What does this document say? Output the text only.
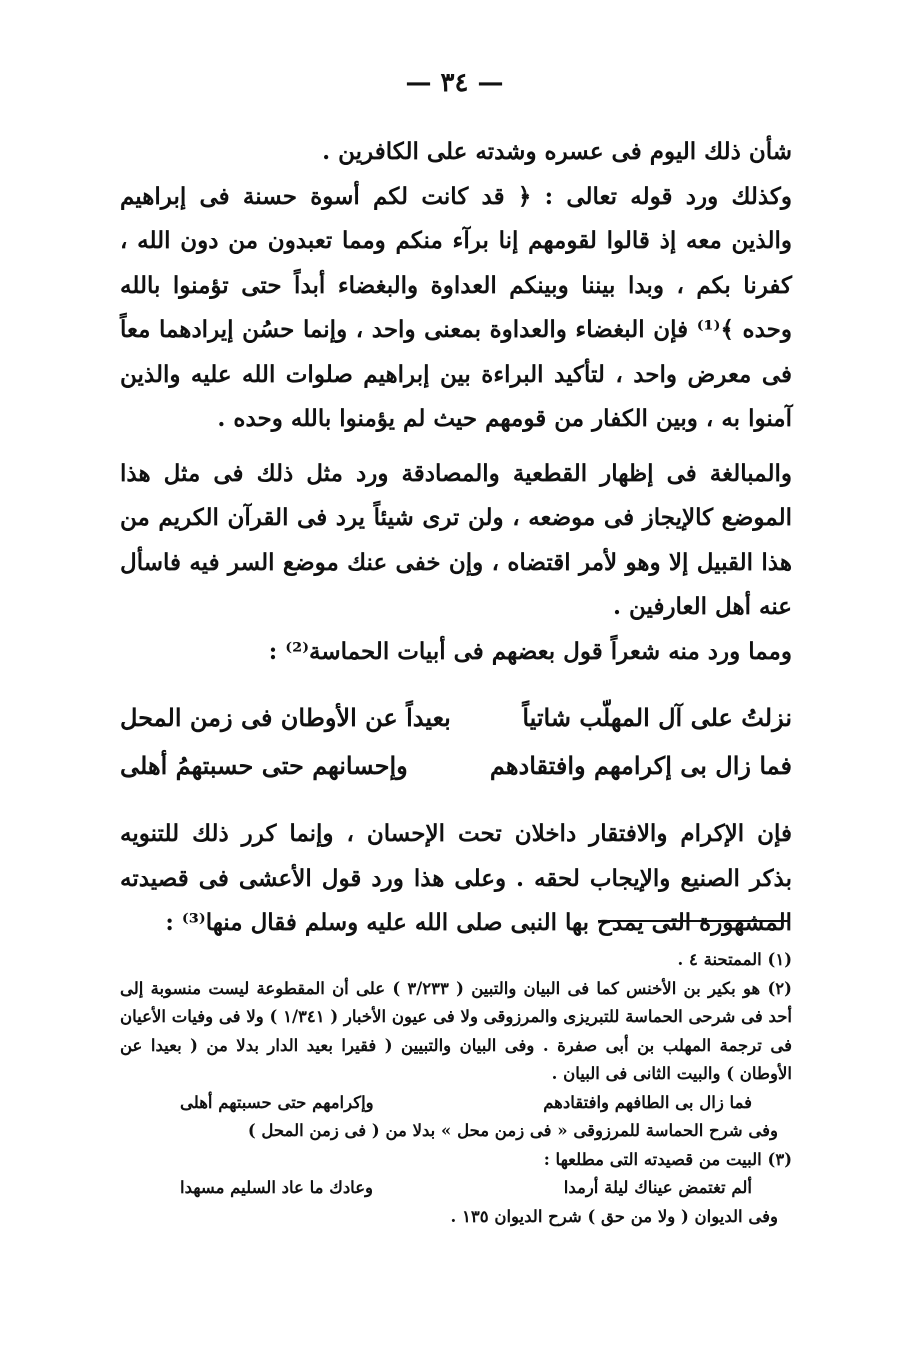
— ٣٤ —

شأن ذلك اليوم فى عسره وشدته على الكافرين .

وكذلك ورد قوله تعالى : ﴿ قد كانت لكم أسوة حسنة فى إبراهيم والذين معه إذ قالوا لقومهم إنا برآء منكم ومما تعبدون من دون الله ، كفرنا بكم ، وبدا بيننا وبينكم العداوة والبغضاء أبداً حتى تؤمنوا بالله وحده ﴾⁽¹⁾ فإن البغضاء والعداوة بمعنى واحد ، وإنما حسُن إيرادهما معاً فى معرض واحد ، لتأكيد البراءة بين إبراهيم صلوات الله عليه والذين آمنوا به ، وبين الكفار من قومهم حيث لم يؤمنوا بالله وحده .

والمبالغة فى إظهار القطعية والمصادقة ورد مثل ذلك فى مثل هذا الموضع كالإيجاز فى موضعه ، ولن ترى شيئاً يرد فى القرآن الكريم من هذا القبيل إلا وهو لأمر اقتضاه ، وإن خفى عنك موضع السر فيه فاسأل عنه أهل العارفين .

ومما ورد منه شعراً قول بعضهم فى أبيات الحماسة⁽²⁾ :

نزلتُ على آل المهلّب شاتياً
بعيداً عن الأوطان فى زمن المحل
فما زال بى إكرامهم وافتقادهم
وإحسانهم حتى حسبتهمُ أهلى

فإن الإكرام والافتقار داخلان تحت الإحسان ، وإنما كرر ذلك للتنويه بذكر الصنيع والإيجاب لحقه . وعلى هذا ورد قول الأعشى فى قصيدته المشهورة التى يمدح بها النبى صلى الله عليه وسلم فقال منها⁽³⁾ :

(١) الممتحنة ٤ .

(٢) هو بكير بن الأخنس كما فى البيان والتبين ( ٣/٢٣٣ ) على أن المقطوعة ليست منسوبة إلى أحد فى شرحى الحماسة للتبريزى والمرزوقى ولا فى عيون الأخبار ( ١/٣٤١ ) ولا فى وفيات الأعيان فى ترجمة المهلب بن أبى صفرة . وفى البيان والتبيين ( فقيرا بعيد الدار بدلا من ( بعيدا عن الأوطان ) والبيت الثانى فى البيان .

فما زال بى الطافهم وافتقادهم
وإكرامهم حتى حسبتهم أهلى

وفى شرح الحماسة للمرزوقى « فى زمن محل » بدلا من ( فى زمن المحل )

(٣) البيت من قصيدته التى مطلعها :

ألم تغتمض عيناك ليلة أرمدا
وعادك ما عاد السليم مسهدا

وفى الديوان ( ولا من حق ) شرح الديوان ١٣٥ .
